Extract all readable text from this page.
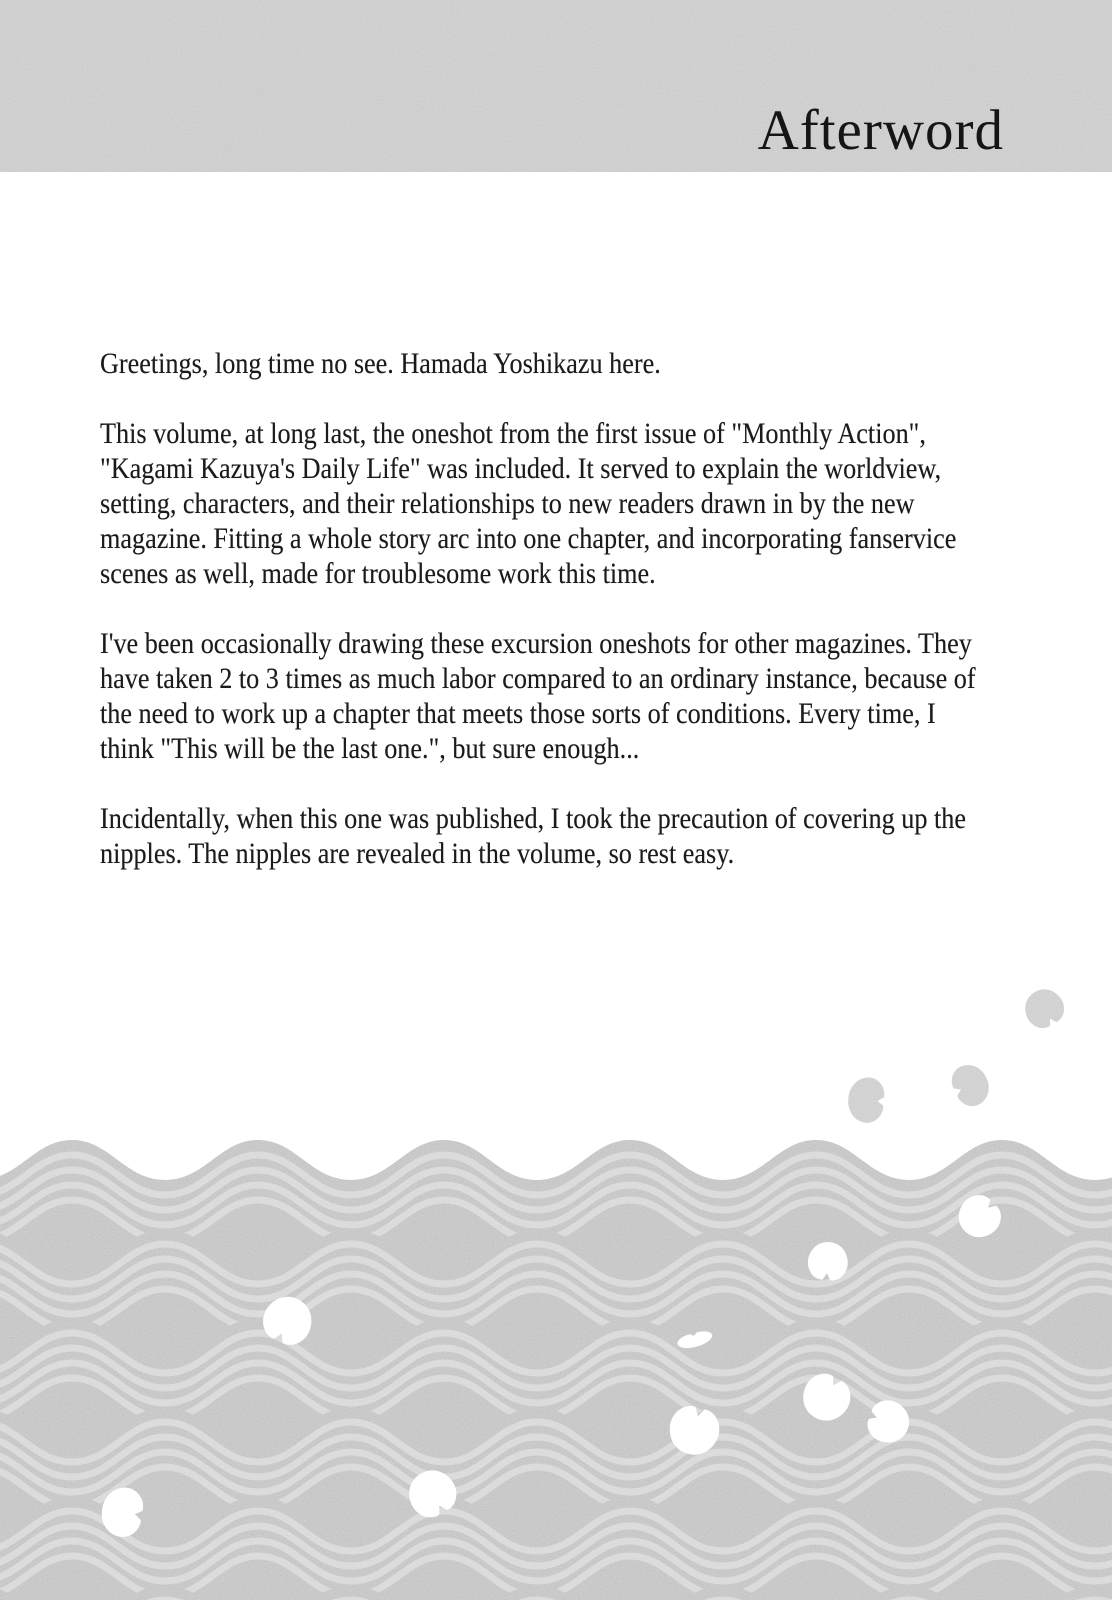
Afterword

Greetings, long time no see. Hamada Yoshikazu here.

This volume, at long last, the oneshot from the first issue of "Monthly Action", "Kagami Kazuya's Daily Life" was included. It served to explain the worldview, setting, characters, and their relationships to new readers drawn in by the new magazine. Fitting a whole story arc into one chapter, and incorporating fanservice scenes as well, made for troublesome work this time.

I've been occasionally drawing these excursion oneshots for other magazines. They have taken 2 to 3 times as much labor compared to an ordinary instance, because of the need to work up a chapter that meets those sorts of conditions. Every time, I think "This will be the last one.", but sure enough...

Incidentally, when this one was published, I took the precaution of covering up the nipples. The nipples are revealed in the volume, so rest easy.
